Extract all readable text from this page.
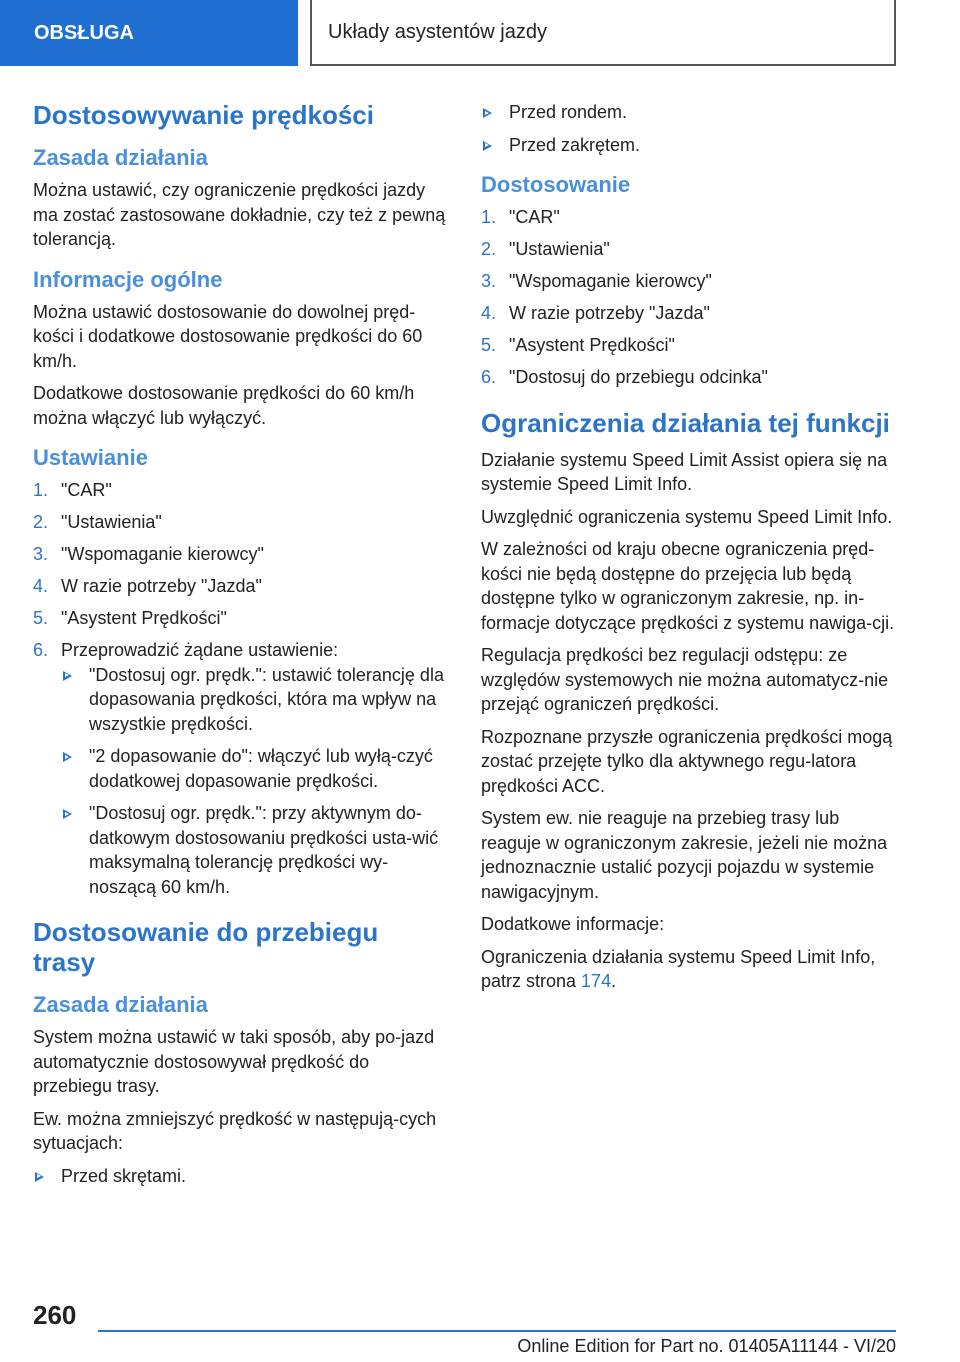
OBSŁUGA	Układy asystentów jazdy
Dostosowywanie prędkości
Zasada działania

Można ustawić, czy ograniczenie prędkości jazdy ma zostać zastosowane dokładnie, czy też z pewną tolerancją.

Informacje ogólne

Można ustawić dostosowanie do dowolnej pręd‐kości i dodatkowe dostosowanie prędkości do 60 km/h.

Dodatkowe dostosowanie prędkości do 60 km/h można włączyć lub wyłączyć.

Ustawianie
1. "CAR"
2. "Ustawienia"
3. "Wspomaganie kierowcy"
4. W razie potrzeby "Jazda"
5. "Asystent Prędkości"
6. Przeprowadzić żądane ustawienie:
"Dostosuj ogr. prędk.": ustawić tolerancję dla dopasowania prędkości, która ma wpływ na wszystkie prędkości.
"2 dopasowanie do": włączyć lub wyłą‐czyć dodatkowej dopasowanie prędkości.
"Dostosuj ogr. prędk.": przy aktywnym do‐datkowym dostosowaniu prędkości usta‐wić maksymalną tolerancję prędkości wy‐noszącą 60 km/h.
Dostosowanie do przebiegu trasy
Zasada działania

System można ustawić w taki sposób, aby po‐jazd automatycznie dostosowywał prędkość do przebiegu trasy.

Ew. można zmniejszyć prędkość w następują‐cych sytuacjach:

Przed skrętami.
Przed rondem.
Przed zakrętem.
Dostosowanie
1. "CAR"
2. "Ustawienia"
3. "Wspomaganie kierowcy"
4. W razie potrzeby "Jazda"
5. "Asystent Prędkości"
6. "Dostosuj do przebiegu odcinka"
Ograniczenia działania tej funkcji

Działanie systemu Speed Limit Assist opiera się na systemie Speed Limit Info.

Uwzględnić ograniczenia systemu Speed Limit Info.

W zależności od kraju obecne ograniczenia pręd‐kości nie będą dostępne do przejęcia lub będą dostępne tylko w ograniczonym zakresie, np. in‐formacje dotyczące prędkości z systemu nawiga‐cji.

Regulacja prędkości bez regulacji odstępu: ze względów systemowych nie można automatycz‐nie przejąć ograniczeń prędkości.

Rozpoznane przyszłe ograniczenia prędkości mogą zostać przejęte tylko dla aktywnego regu‐latora prędkości ACC.

System ew. nie reaguje na przebieg trasy lub reaguje w ograniczonym zakresie, jeżeli nie można jednoznacznie ustalić pozycji pojazdu w systemie nawigacyjnym.

Dodatkowe informacje:

Ograniczenia działania systemu Speed Limit Info, patrz strona 174.

260
Online Edition for Part no. 01405A11144 - VI/20
